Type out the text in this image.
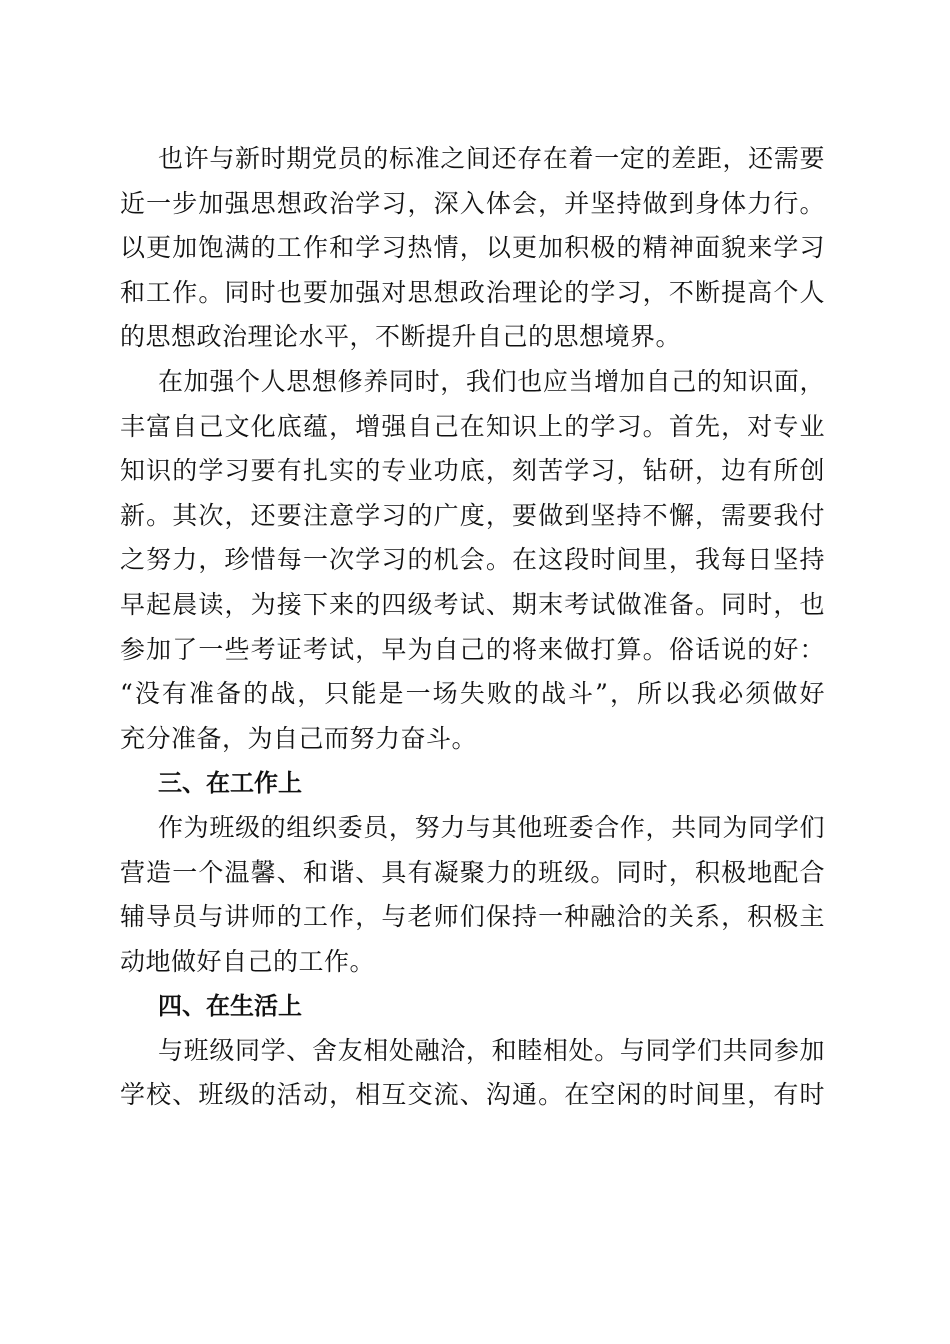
也许与新时期党员的标准之间还存在着一定的差距，还需要
近一步加强思想政治学习，深入体会，并坚持做到身体力行。
以更加饱满的工作和学习热情，以更加积极的精神面貌来学习
和工作。同时也要加强对思想政治理论的学习，不断提高个人
的思想政治理论水平，不断提升自己的思想境界。
在加强个人思想修养同时，我们也应当增加自己的知识面，
丰富自己文化底蕴，增强自己在知识上的学习。首先，对专业
知识的学习要有扎实的专业功底，刻苦学习，钻研，边有所创
新。其次，还要注意学习的广度，要做到坚持不懈，需要我付
之努力，珍惜每一次学习的机会。在这段时间里，我每日坚持
早起晨读，为接下来的四级考试、期末考试做准备。同时，也
参加了一些考证考试，早为自己的将来做打算。俗话说的好：
“没有准备的战，只能是一场失败的战斗”，所以我必须做好
充分准备，为自己而努力奋斗。
三、在工作上
作为班级的组织委员，努力与其他班委合作，共同为同学们
营造一个温馨、和谐、具有凝聚力的班级。同时，积极地配合
辅导员与讲师的工作，与老师们保持一种融洽的关系，积极主
动地做好自己的工作。
四、在生活上
与班级同学、舍友相处融洽，和睦相处。与同学们共同参加
学校、班级的活动，相互交流、沟通。在空闲的时间里，有时
